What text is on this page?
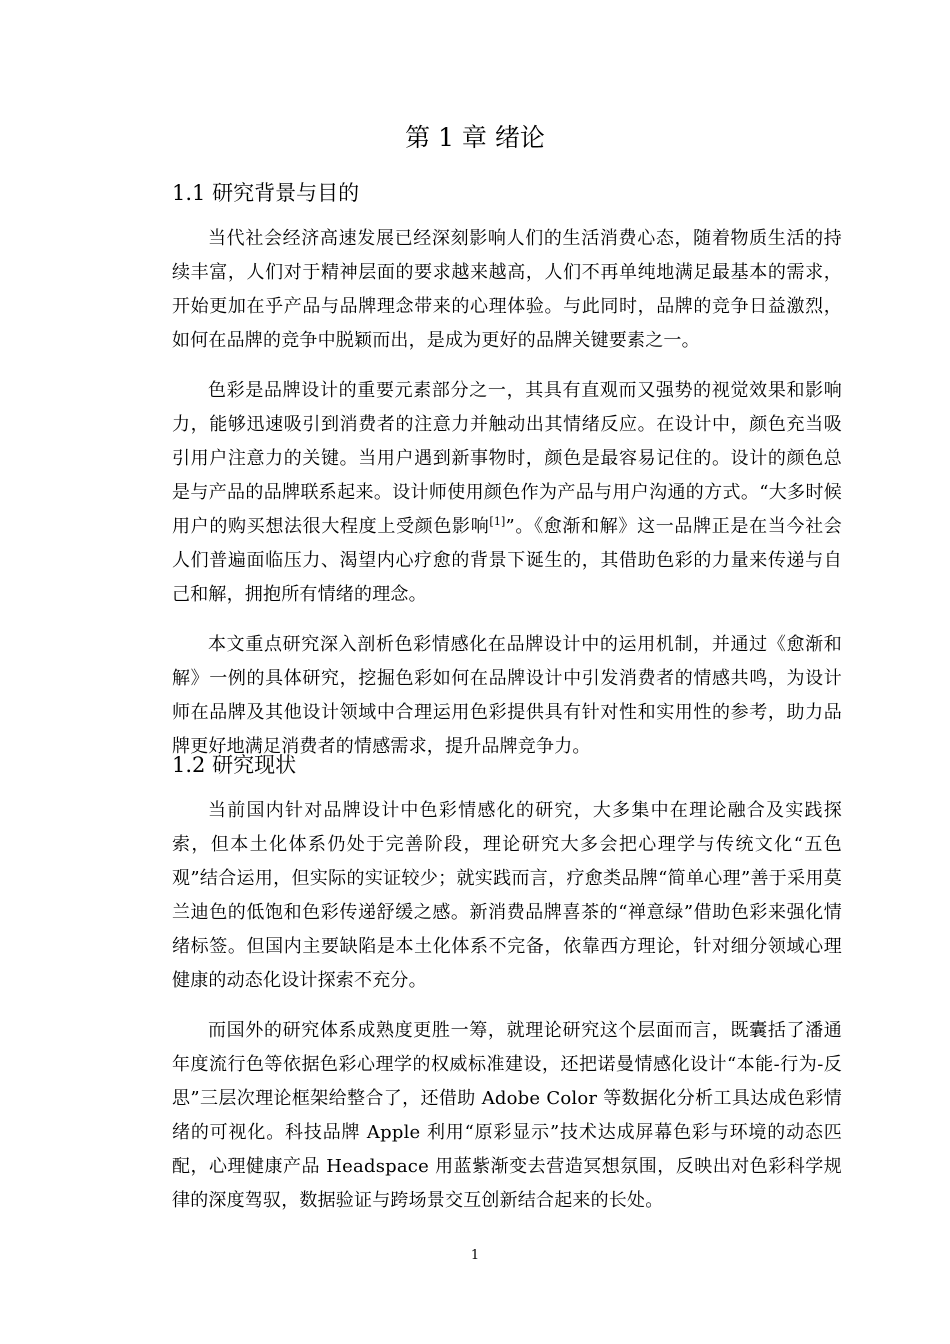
第 1 章 绪论
1.1 研究背景与目的

当代社会经济高速发展已经深刻影响人们的生活消费心态，随着物质生活的持续丰富，人们对于精神层面的要求越来越高，人们不再单纯地满足最基本的需求，开始更加在乎产品与品牌理念带来的心理体验。与此同时，品牌的竞争日益激烈，如何在品牌的竞争中脱颖而出，是成为更好的品牌关键要素之一。

色彩是品牌设计的重要元素部分之一，其具有直观而又强势的视觉效果和影响力，能够迅速吸引到消费者的注意力并触动出其情绪反应。在设计中，颜色充当吸引用户注意力的关键。当用户遇到新事物时，颜色是最容易记住的。设计的颜色总是与产品的品牌联系起来。设计师使用颜色作为产品与用户沟通的方式。“大多时候用户的购买想法很大程度上受颜色影响[1]”。《愈渐和解》这一品牌正是在当今社会人们普遍面临压力、渴望内心疗愈的背景下诞生的，其借助色彩的力量来传递与自己和解，拥抱所有情绪的理念。

本文重点研究深入剖析色彩情感化在品牌设计中的运用机制，并通过《愈渐和解》一例的具体研究，挖掘色彩如何在品牌设计中引发消费者的情感共鸣，为设计师在品牌及其他设计领域中合理运用色彩提供具有针对性和实用性的参考，助力品牌更好地满足消费者的情感需求，提升品牌竞争力。

1.2 研究现状

当前国内针对品牌设计中色彩情感化的研究，大多集中在理论融合及实践探索，但本土化体系仍处于完善阶段，理论研究大多会把心理学与传统文化“五色观”结合运用，但实际的实证较少；就实践而言，疗愈类品牌“简单心理”善于采用莫兰迪色的低饱和色彩传递舒缓之感。新消费品牌喜茶的“禅意绿”借助色彩来强化情绪标签。但国内主要缺陷是本土化体系不完备，依靠西方理论，针对细分领域心理健康的动态化设计探索不充分。

而国外的研究体系成熟度更胜一筹，就理论研究这个层面而言，既囊括了潘通年度流行色等依据色彩心理学的权威标准建设，还把诺曼情感化设计“本能-行为-反思”三层次理论框架给整合了，还借助 Adobe Color 等数据化分析工具达成色彩情绪的可视化。科技品牌 Apple 利用“原彩显示”技术达成屏幕色彩与环境的动态匹配，心理健康产品 Headspace 用蓝紫渐变去营造冥想氛围，反映出对色彩科学规律的深度驾驭，数据验证与跨场景交互创新结合起来的长处。

1
